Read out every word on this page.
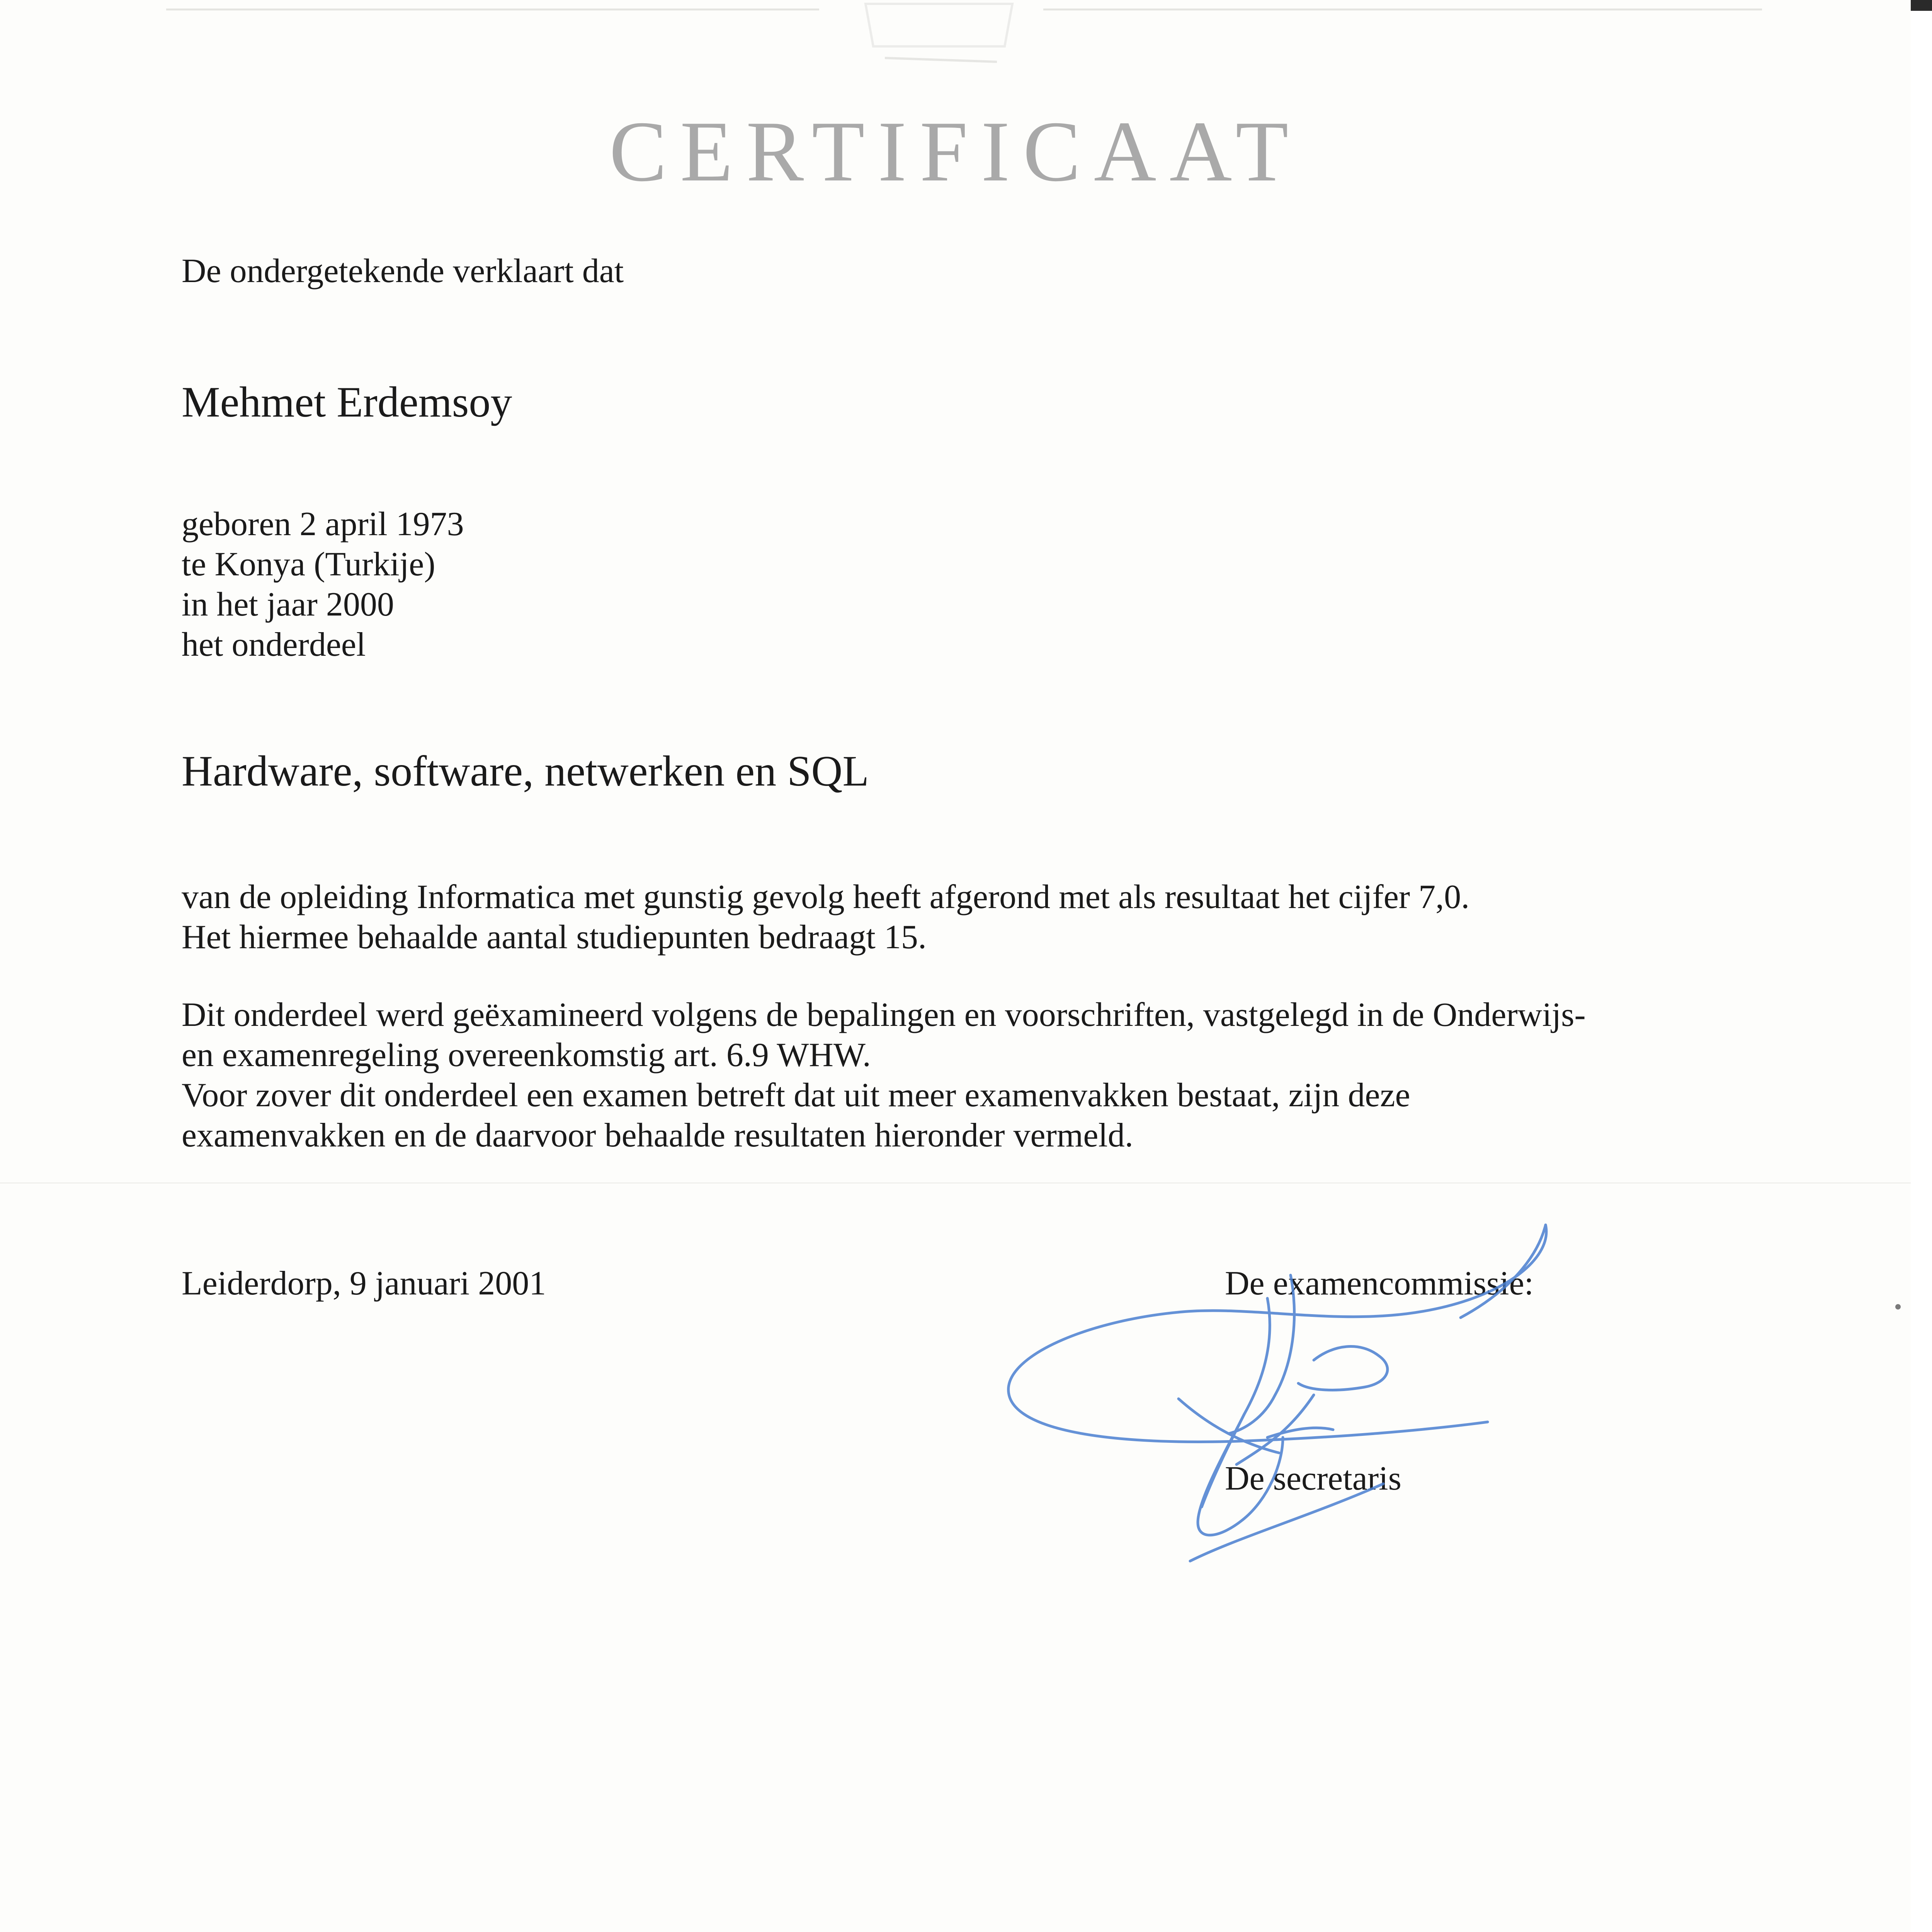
CERTIFICAAT
De ondergetekende verklaart dat
Mehmet Erdemsoy
geboren 2 april 1973
te Konya (Turkije)
in het jaar 2000
het onderdeel
Hardware, software, netwerken en SQL
van de opleiding Informatica met gunstig gevolg heeft afgerond met als resultaat het cijfer 7,0.
Het hiermee behaalde aantal studiepunten bedraagt 15.
Dit onderdeel werd geëxamineerd volgens de bepalingen en voorschriften, vastgelegd in de Onderwijs-
en examenregeling overeenkomstig art. 6.9 WHW.
Voor zover dit onderdeel een examen betreft dat uit meer examenvakken bestaat, zijn deze
examenvakken en de daarvoor behaalde resultaten hieronder vermeld.
Leiderdorp, 9 januari 2001	De examencommissie:
De secretaris
